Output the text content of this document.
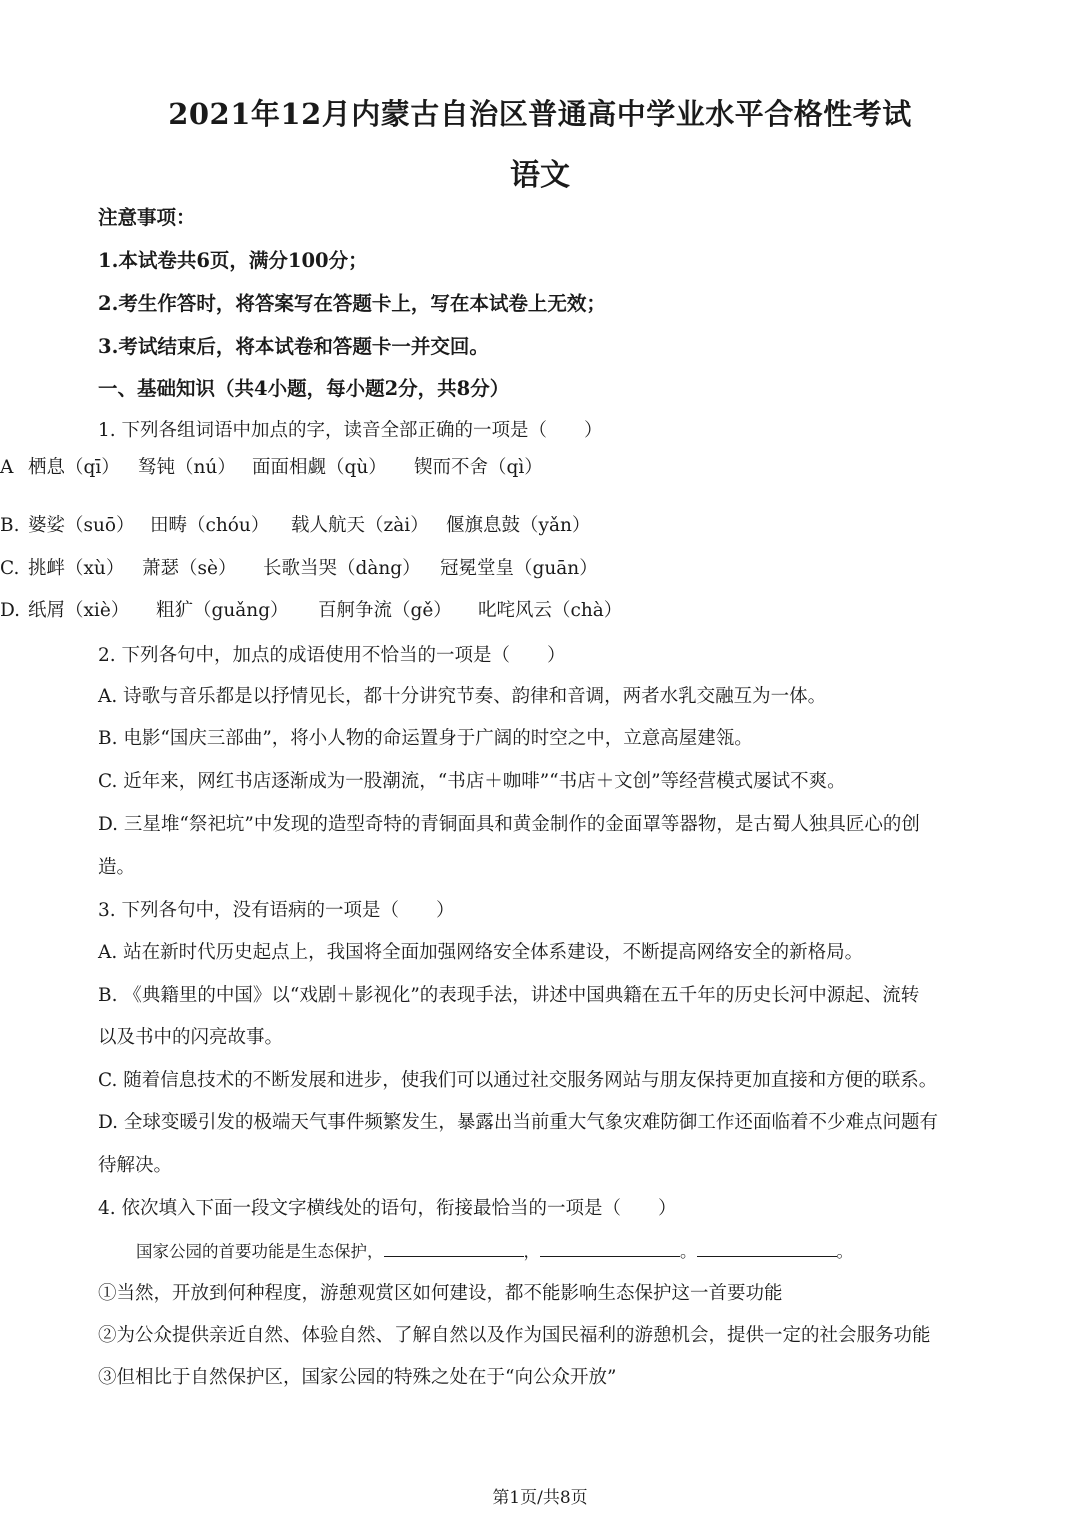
2021年12月内蒙古自治区普通高中学业水平合格性考试
语文
注意事项：
1.本试卷共6页，满分100分；
2.考生作答时，将答案写在答题卡上，写在本试卷上无效；
3.考试结束后，将本试卷和答题卡一并交回。
一、基础知识（共4小题，每小题2分，共8分）
1. 下列各组词语中加点的字，读音全部正确的一项是（　　）
A 栖息（qī） 驽钝（nú） 面面相觑（qù） 锲而不舍（qì）
B. 婆娑（suō） 田畴（chóu） 载人航天（zài） 偃旗息鼓（yǎn）
C. 挑衅（xù） 萧瑟（sè） 长歌当哭（dàng） 冠冕堂皇（guān）
D. 纸屑（xiè） 粗犷（guǎng） 百舸争流（gě） 叱咤风云（chà）
2. 下列各句中，加点的成语使用不恰当的一项是（　　）
A. 诗歌与音乐都是以抒情见长，都十分讲究节奏、韵律和音调，两者水乳交融互为一体。
B. 电影“国庆三部曲”，将小人物的命运置身于广阔的时空之中，立意高屋建瓴。
C. 近年来，网红书店逐渐成为一股潮流，“书店＋咖啡”“书店＋文创”等经营模式屡试不爽。
D. 三星堆“祭祀坑”中发现的造型奇特的青铜面具和黄金制作的金面罩等器物，是古蜀人独具匠心的创
造。
3. 下列各句中，没有语病的一项是（　　）
A. 站在新时代历史起点上，我国将全面加强网络安全体系建设，不断提高网络安全的新格局。
B. 《典籍里的中国》以“戏剧＋影视化”的表现手法，讲述中国典籍在五千年的历史长河中源起、流转
以及书中的闪亮故事。
C. 随着信息技术的不断发展和进步，使我们可以通过社交服务网站与朋友保持更加直接和方便的联系。
D. 全球变暖引发的极端天气事件频繁发生，暴露出当前重大气象灾难防御工作还面临着不少难点问题有
待解决。
4. 依次填入下面一段文字横线处的语句，衔接最恰当的一项是（　　）
国家公园的首要功能是生态保护，	，	。	。
①当然，开放到何种程度，游憩观赏区如何建设，都不能影响生态保护这一首要功能
②为公众提供亲近自然、体验自然、了解自然以及作为国民福利的游憩机会，提供一定的社会服务功能
③但相比于自然保护区，国家公园的特殊之处在于“向公众开放”
第1页/共8页
